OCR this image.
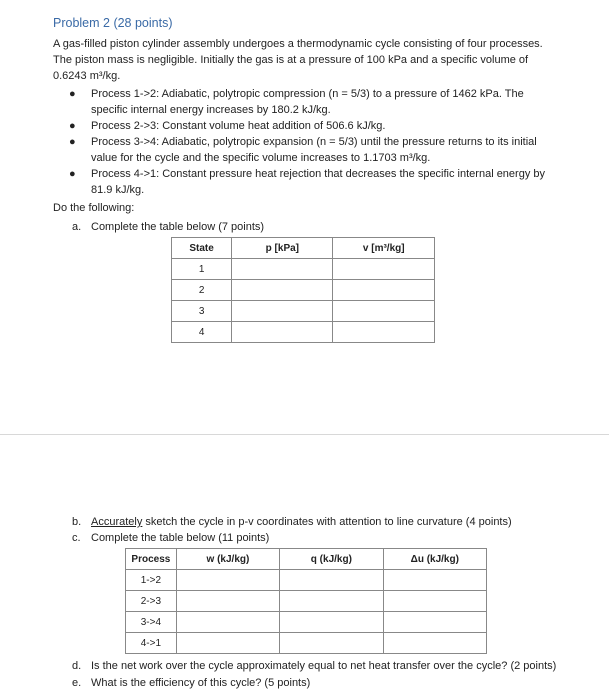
Problem 2 (28 points)
A gas-filled piston cylinder assembly undergoes a thermodynamic cycle consisting of four processes. The piston mass is negligible. Initially the gas is at a pressure of 100 kPa and a specific volume of 0.6243 m³/kg.
● Process 1->2: Adiabatic, polytropic compression (n = 5/3) to a pressure of 1462 kPa. The specific internal energy increases by 180.2 kJ/kg.
● Process 2->3: Constant volume heat addition of 506.6 kJ/kg.
● Process 3->4: Adiabatic, polytropic expansion (n = 5/3) until the pressure returns to its initial value for the cycle and the specific volume increases to 1.1703 m³/kg.
● Process 4->1: Constant pressure heat rejection that decreases the specific internal energy by 81.9 kJ/kg.
Do the following:
a. Complete the table below (7 points)
State	p [kPa]	v [m³/kg]
1		
2		
3		
4		
b. Accurately sketch the cycle in p-v coordinates with attention to line curvature (4 points)
c. Complete the table below (11 points)
Process	w (kJ/kg)	q (kJ/kg)	Δu (kJ/kg)
1->2			
2->3			
3->4			
4->1			
d. Is the net work over the cycle approximately equal to net heat transfer over the cycle? (2 points)
e. What is the efficiency of this cycle? (5 points)
